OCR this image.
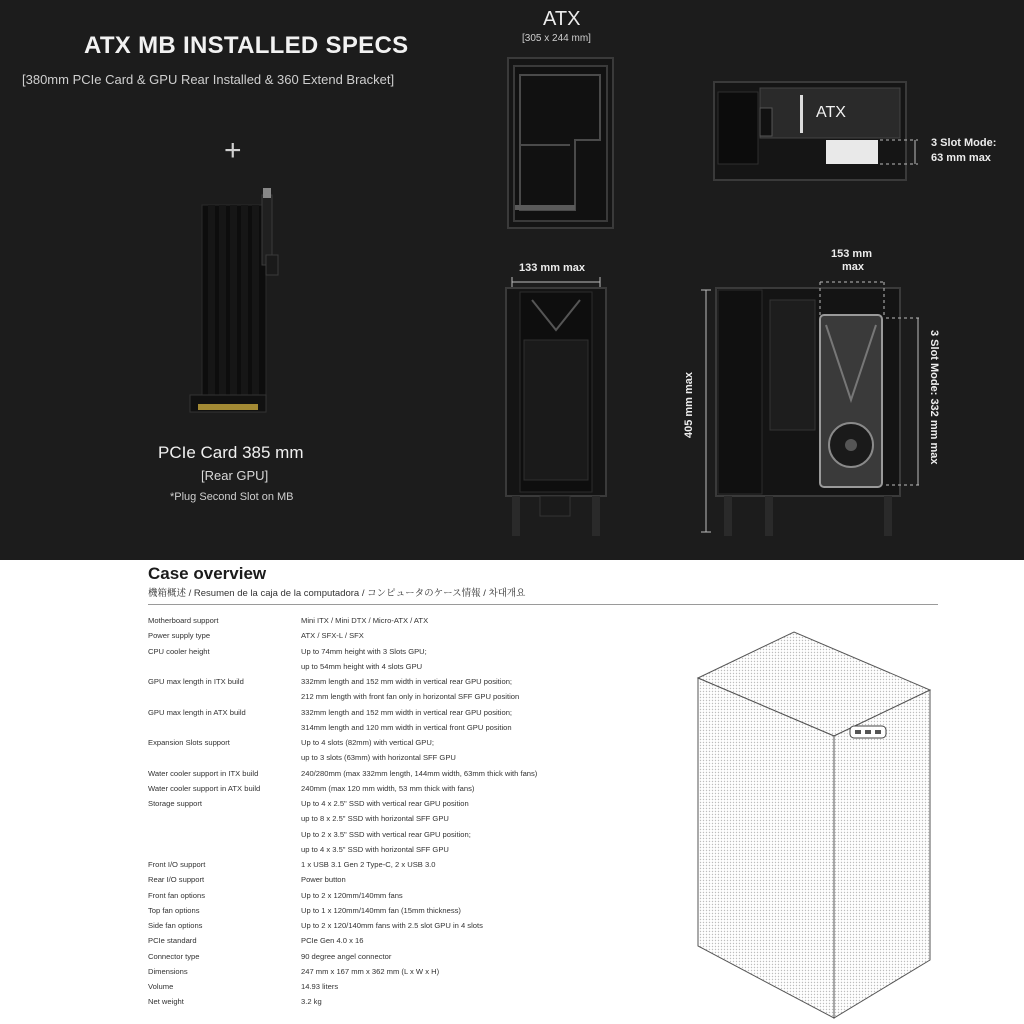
ATX MB INSTALLED SPECS
[380mm PCIe Card & GPU Rear Installed & 360 Extend Bracket]
+
PCIe Card 385 mm
[Rear GPU]
*Plug Second Slot on MB
ATX
[305 x 244 mm]
ATX
3 Slot Mode:
63 mm max
133 mm max
153 mm
max
405 mm max	3 Slot Mode: 332 mm max
Case overview
機箱概述 / Resumen de la caja de la computadora / コンピュータのケース情報 / 차대개요
Motherboard support	Mini ITX / Mini DTX / Micro-ATX / ATX
Power supply type	ATX / SFX-L / SFX
CPU cooler height	Up to 74mm height with 3 Slots GPU;
up to 54mm height with 4 slots GPU
GPU max length in ITX build	332mm length and 152 mm width in vertical rear GPU position;
212 mm length with front fan only in horizontal SFF GPU position
GPU max length in ATX build	332mm length and 152 mm width in vertical rear GPU position;
314mm length and 120 mm width in vertical front GPU position
Expansion Slots support	Up to 4 slots (82mm) with vertical GPU;
up to 3 slots (63mm) with horizontal SFF GPU
Water cooler support in ITX build	240/280mm (max 332mm length, 144mm width, 63mm thick with fans)
Water cooler support in ATX build	240mm (max 120 mm width, 53 mm thick with fans)
Storage support	Up to 4 x 2.5" SSD with vertical rear GPU position
up to 8 x 2.5" SSD with horizontal SFF GPU
Up to 2 x 3.5" SSD with vertical rear GPU position;
up to 4 x 3.5" SSD with horizontal SFF GPU
Front I/O support	1 x USB 3.1 Gen 2 Type-C, 2 x USB 3.0
Rear I/O support	Power button
Front fan options	Up to 2 x 120mm/140mm fans
Top fan options	Up to 1 x 120mm/140mm fan (15mm thickness)
Side fan options	Up to 2 x 120/140mm fans with 2.5 slot GPU in 4 slots
PCIe standard	PCIe Gen 4.0 x 16
Connector type	90 degree angel connector
Dimensions	247 mm x 167 mm x 362 mm (L x W x H)
Volume	14.93 liters
Net weight	3.2 kg
